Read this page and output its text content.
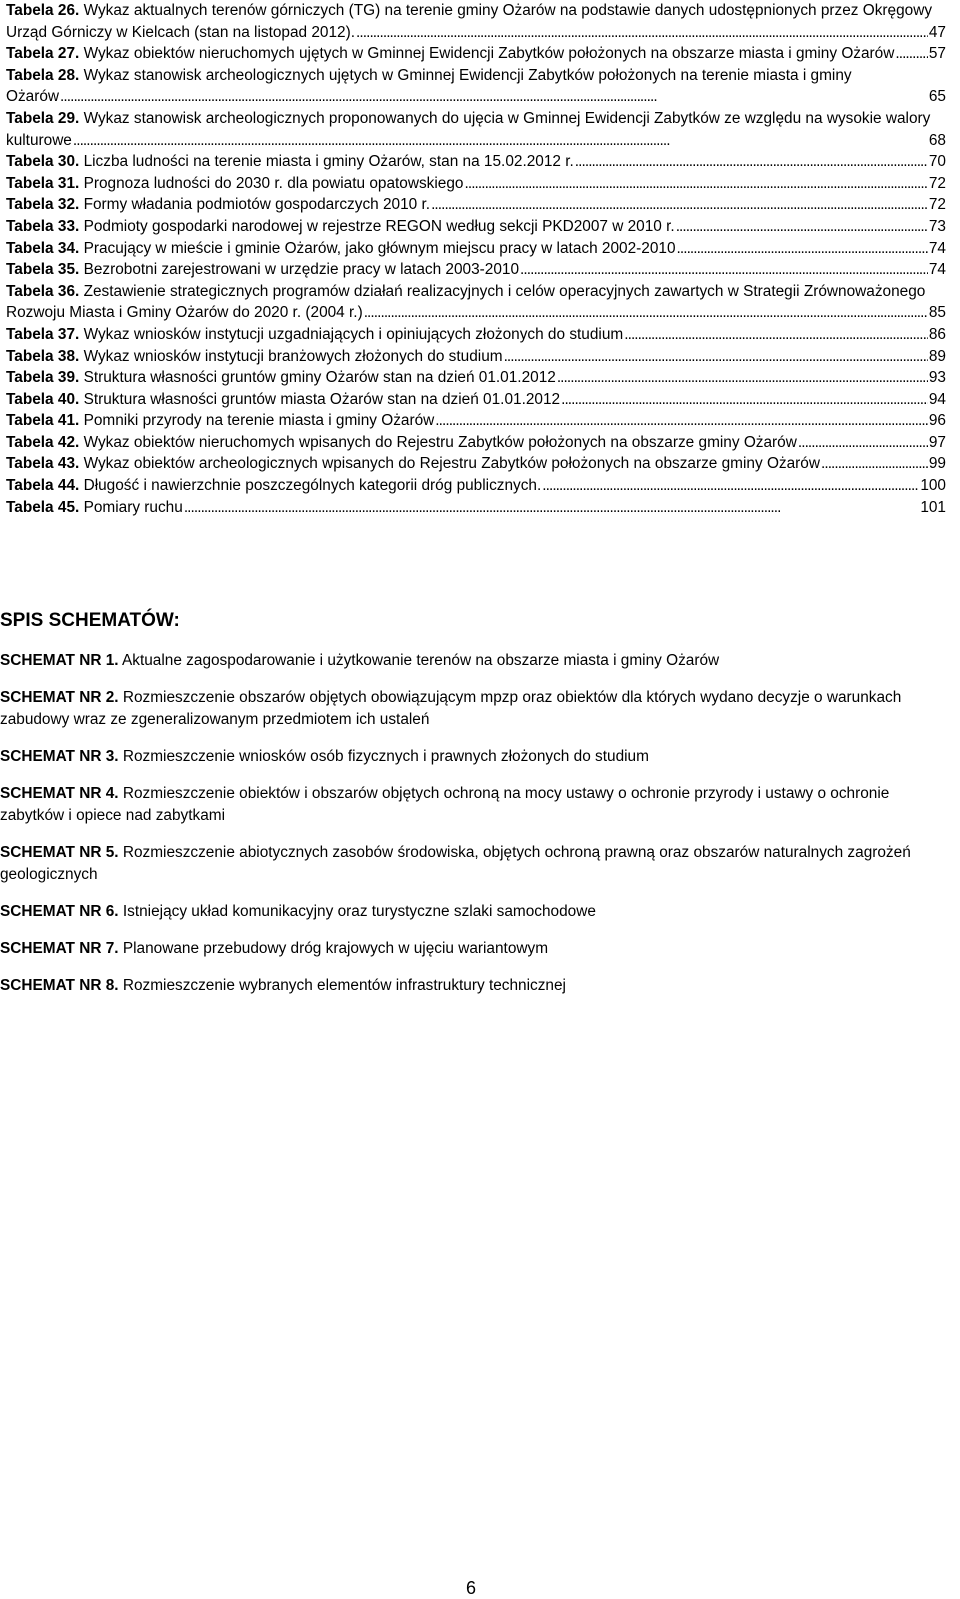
Tabela 26. Wykaz aktualnych terenów górniczych (TG) na terenie gminy Ożarów na podstawie danych udostępnionych przez Okręgowy
Urząd Górniczy w Kielcach (stan na listopad 2012). . . .	47
Tabela 27. Wykaz obiektów nieruchomych ujętych w Gminnej Ewidencji Zabytków położonych na obszarze miasta i gminy Ożarów . . . 57
Tabela 28. Wykaz stanowisk archeologicznych ujętych w Gminnej Ewidencji Zabytków położonych na terenie miasta i gminy
Ożarów . . .	65
Tabela 29. Wykaz stanowisk archeologicznych proponowanych do ujęcia w Gminnej Ewidencji Zabytków ze względu na wysokie walory
kulturowe . . .	68
Tabela 30. Liczba ludności na terenie miasta i gminy Ożarów, stan na 15.02.2012 r. . . .	70
Tabela 31. Prognoza ludności do 2030 r. dla powiatu opatowskiego . . .	72
Tabela 32. Formy władania podmiotów gospodarczych 2010 r. . . .	72
Tabela 33. Podmioty gospodarki narodowej w rejestrze REGON według sekcji PKD2007 w 2010 r. . . .	73
Tabela 34. Pracujący w mieście i gminie Ożarów, jako głównym miejscu pracy w latach 2002-2010 . . .	74
Tabela 35. Bezrobotni zarejestrowani w urzędzie pracy w latach 2003-2010 . . .	74
Tabela 36. Zestawienie strategicznych programów działań realizacyjnych i celów operacyjnych zawartych w Strategii Zrównoważonego
Rozwoju Miasta i Gminy Ożarów do 2020 r. (2004 r.) . . .	85
Tabela 37. Wykaz wniosków instytucji uzgadniających i opiniujących złożonych do studium . . .	86
Tabela 38. Wykaz wniosków instytucji branżowych złożonych do studium . . .	89
Tabela 39. Struktura własności gruntów gminy Ożarów stan na dzień 01.01.2012 . . .	93
Tabela 40. Struktura własności gruntów miasta Ożarów stan na dzień 01.01.2012 . . .	94
Tabela 41. Pomniki przyrody na terenie miasta i gminy Ożarów . . .	96
Tabela 42. Wykaz obiektów nieruchomych wpisanych do Rejestru Zabytków położonych na obszarze gminy Ożarów . . .	97
Tabela 43. Wykaz obiektów archeologicznych wpisanych do Rejestru Zabytków położonych na obszarze gminy Ożarów . . .	99
Tabela 44. Długość i nawierzchnie poszczególnych kategorii dróg publicznych. . . .	100
Tabela 45. Pomiary ruchu . . .	101
SPIS SCHEMATÓW:
SCHEMAT NR 1. Aktualne zagospodarowanie i użytkowanie terenów na obszarze miasta i gminy Ożarów
SCHEMAT NR 2. Rozmieszczenie obszarów objętych obowiązującym mpzp oraz obiektów dla których wydano decyzje o warunkach zabudowy wraz ze zgeneralizowanym przedmiotem ich ustaleń
SCHEMAT NR 3. Rozmieszczenie wniosków osób fizycznych i prawnych złożonych do studium
SCHEMAT NR 4. Rozmieszczenie obiektów i obszarów objętych ochroną na mocy ustawy o ochronie przyrody i ustawy o ochronie zabytków i opiece nad zabytkami
SCHEMAT NR 5. Rozmieszczenie abiotycznych zasobów środowiska, objętych ochroną prawną oraz obszarów naturalnych zagrożeń geologicznych
SCHEMAT NR 6. Istniejący układ komunikacyjny oraz turystyczne szlaki samochodowe
SCHEMAT NR 7. Planowane przebudowy dróg krajowych w ujęciu wariantowym
SCHEMAT NR 8. Rozmieszczenie wybranych elementów infrastruktury technicznej
6
